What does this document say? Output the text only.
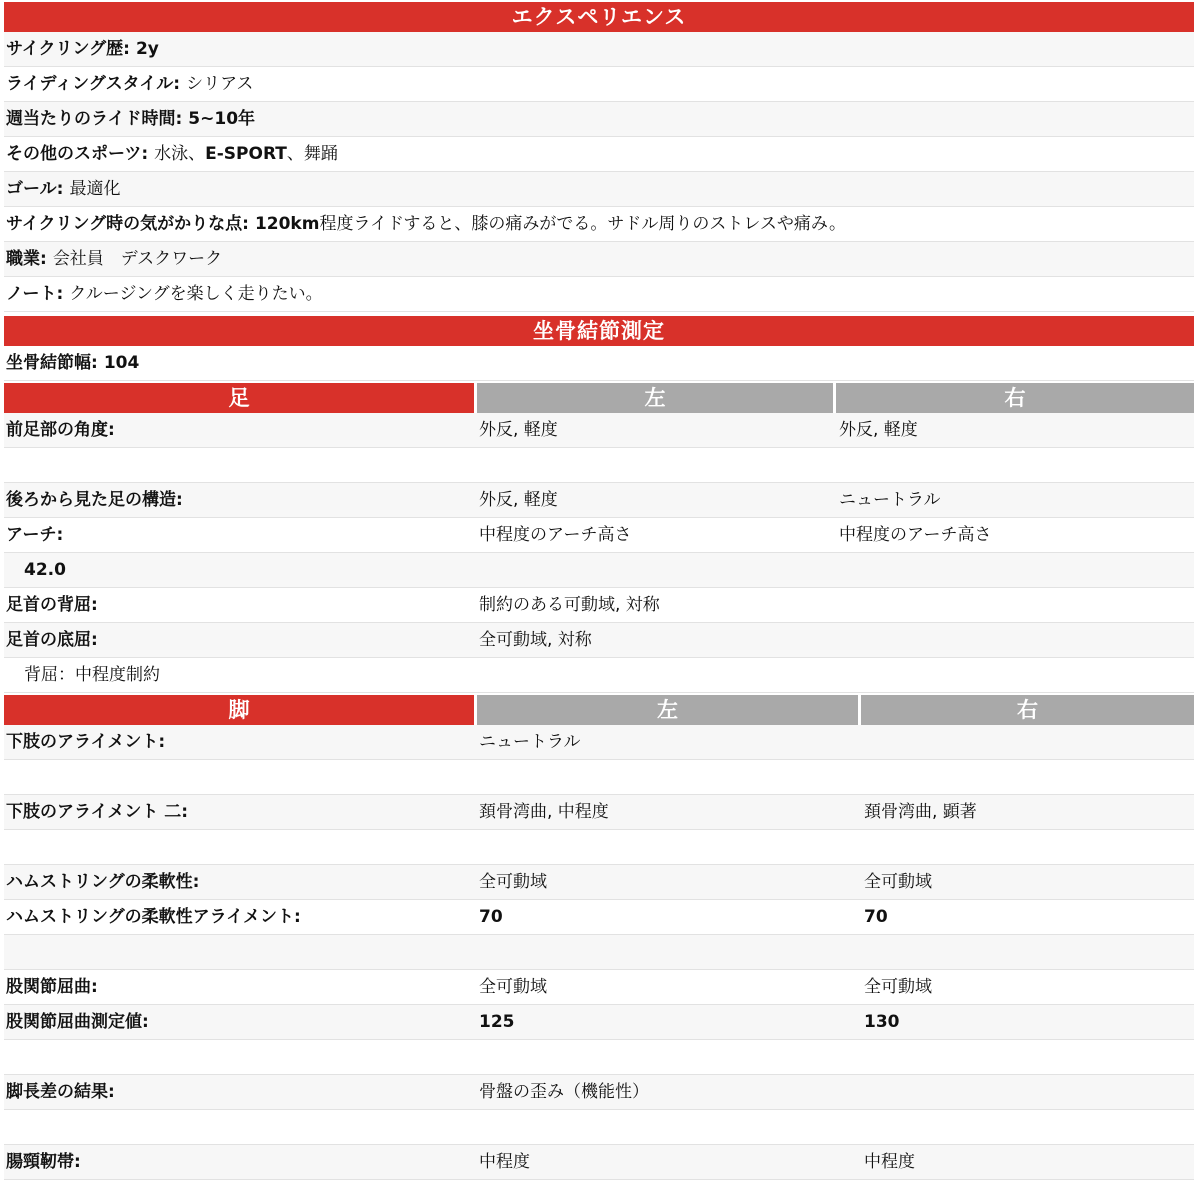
エクスペリエンス
サイクリング歴: 2y
ライディングスタイル: シリアス
週当たりのライド時間: 5~10年
その他のスポーツ: 水泳、E-SPORT、舞踊
ゴール: 最適化
サイクリング時の気がかりな点: 120km程度ライドすると、膝の痛みがでる。サドル周りのストレスや痛み。
職業: 会社員　デスクワーク
ノート: クルージングを楽しく走りたい。
坐骨結節測定
坐骨結節幅: 104
足	左	右
前足部の角度:	外反, 軽度	外反, 軽度
後ろから見た足の構造:	外反, 軽度	ニュートラル
アーチ:	中程度のアーチ高さ	中程度のアーチ高さ
42.0
足首の背屈:	制約のある可動域, 対称
足首の底屈:	全可動域, 対称
背屈：中程度制約
脚	左	右
下肢のアライメント:	ニュートラル
下肢のアライメント 二:	頚骨湾曲, 中程度	頚骨湾曲, 顕著
ハムストリングの柔軟性:	全可動域	全可動域
ハムストリングの柔軟性アライメント:	70	70
股関節屈曲:	全可動域	全可動域
股関節屈曲測定値:	125	130
脚長差の結果:	骨盤の歪み（機能性）
腸頸靭帯:	中程度	中程度
